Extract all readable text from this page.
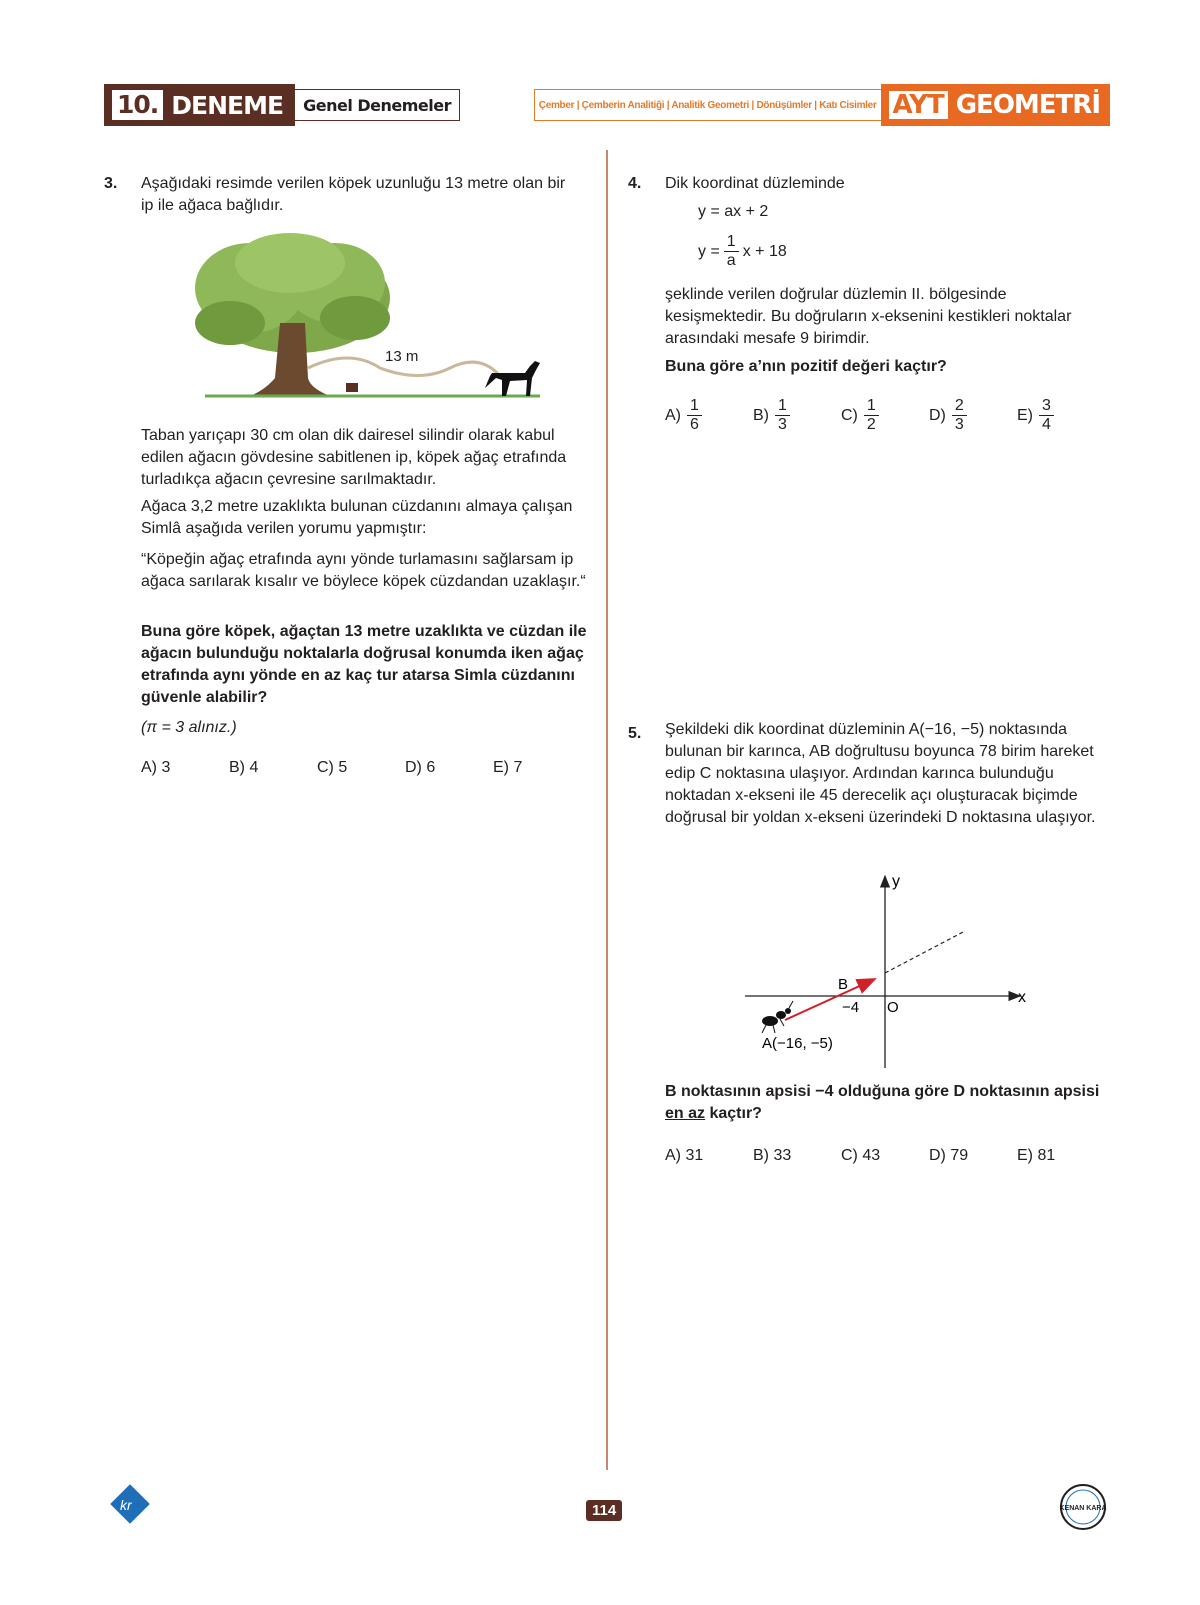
10. DENEME	Genel Denemeler	Çember | Çemberin Analitiği | Analitik Geometri | Dönüşümler | Katı Cisimler AYT GEOMETRİ
3. Aşağıdaki resimde verilen köpek uzunluğu 13 metre olan bir ip ile ağaca bağlıdır.
13 m
Taban yarıçapı 30 cm olan dik dairesel silindir olarak kabul edilen ağacın gövdesine sabitlenen ip, köpek ağaç etrafında turladıkça ağacın çevresine sarılmaktadır.
Ağaca 3,2 metre uzaklıkta bulunan cüzdanını almaya çalışan Simlâ aşağıda verilen yorumu yapmıştır:
“Köpeğin ağaç etrafında aynı yönde turlamasını sağlarsam ip ağaca sarılarak kısalır ve böylece köpek cüzdandan uzaklaşır.“
Buna göre köpek, ağaçtan 13 metre uzaklıkta ve cüzdan ile ağacın bulunduğu noktalarla doğrusal konumda iken ağaç etrafında aynı yönde en az kaç tur atarsa Simla cüzdanını güvenle alabilir?
(π = 3 alınız.)
A) 3	B) 4	C) 5	D) 6	E) 7
4. Dik koordinat düzleminde
y = ax + 2
$y = \frac{1}{a}$ x + 18
şeklinde verilen doğrular düzlemin II. bölgesinde kesişmektedir. Bu doğruların x-eksenini kestikleri noktalar arasındaki mesafe 9 birimdir.
Buna göre a’nın pozitif değeri kaçtır?
$A) \frac{1}{6}$	$B) \frac{1}{3}$	$C) \frac{1}{2}$	$D) \frac{2}{3}$	$E) \frac{3}{4}$
5. Şekildeki dik koordinat düzleminin A(−16, −5) noktasında bulunan bir karınca, AB doğrultusu boyunca 78 birim hareket edip C noktasına ulaşıyor. Ardından karınca bulunduğu noktadan x-ekseni ile 45 derecelik açı oluşturacak biçimde doğrusal bir yoldan x-ekseni üzerindeki D noktasına ulaşıyor.
y
x
B
−4 O
A(−16, −5)
B noktasının apsisi −4 olduğuna göre D noktasının apsisi en az kaçtır?
A) 31	B) 33	C) 43	D) 79	E) 81
kr	114	KENAN KARA
